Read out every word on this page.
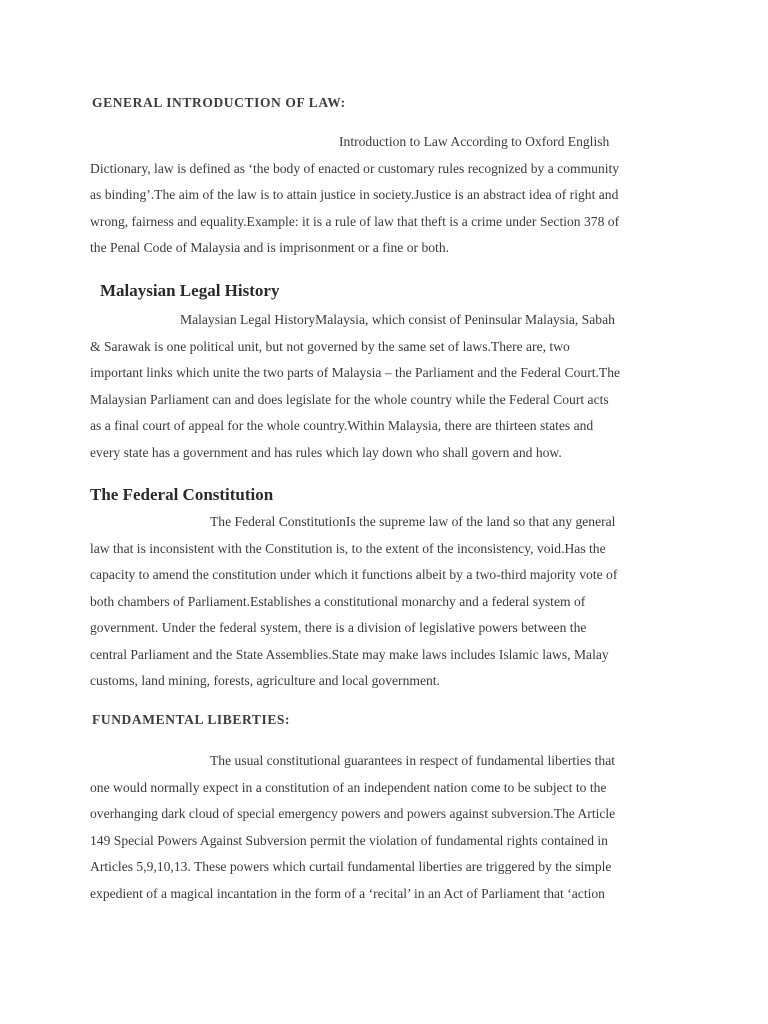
GENERAL INTRODUCTION OF LAW:
Introduction to Law According to Oxford English
Dictionary, law is defined as ‘the body of enacted or customary rules recognized by a community
as binding’.The aim of the law is to attain justice in society.Justice is an abstract idea of right and
wrong, fairness and equality.Example: it is a rule of law that theft is a crime under Section 378 of
the Penal Code of Malaysia and is imprisonment or a fine or both.
Malaysian Legal History
Malaysian Legal HistoryMalaysia, which consist of Peninsular Malaysia, Sabah
& Sarawak is one political unit, but not governed by the same set of laws.There are, two
important links which unite the two parts of Malaysia – the Parliament and the Federal Court.The
Malaysian Parliament can and does legislate for the whole country while the Federal Court acts
as a final court of appeal for the whole country.Within Malaysia, there are thirteen states and
every state has a government and has rules which lay down who shall govern and how.
The Federal Constitution
The Federal ConstitutionIs the supreme law of the land so that any general
law that is inconsistent with the Constitution is, to the extent of the inconsistency, void.Has the
capacity to amend the constitution under which it functions albeit by a two-third majority vote of
both chambers of Parliament.Establishes a constitutional monarchy and a federal system of
government. Under the federal system, there is a division of legislative powers between the
central Parliament and the State Assemblies.State may make laws includes Islamic laws, Malay
customs, land mining, forests, agriculture and local government.
FUNDAMENTAL LIBERTIES:
The usual constitutional guarantees in respect of fundamental liberties that
one would normally expect in a constitution of an independent nation come to be subject to the
overhanging dark cloud of special emergency powers and powers against subversion.The Article
149 Special Powers Against Subversion permit the violation of fundamental rights contained in
Articles 5,9,10,13. These powers which curtail fundamental liberties are triggered by the simple
expedient of a magical incantation in the form of a ‘recital’ in an Act of Parliament that ‘action
